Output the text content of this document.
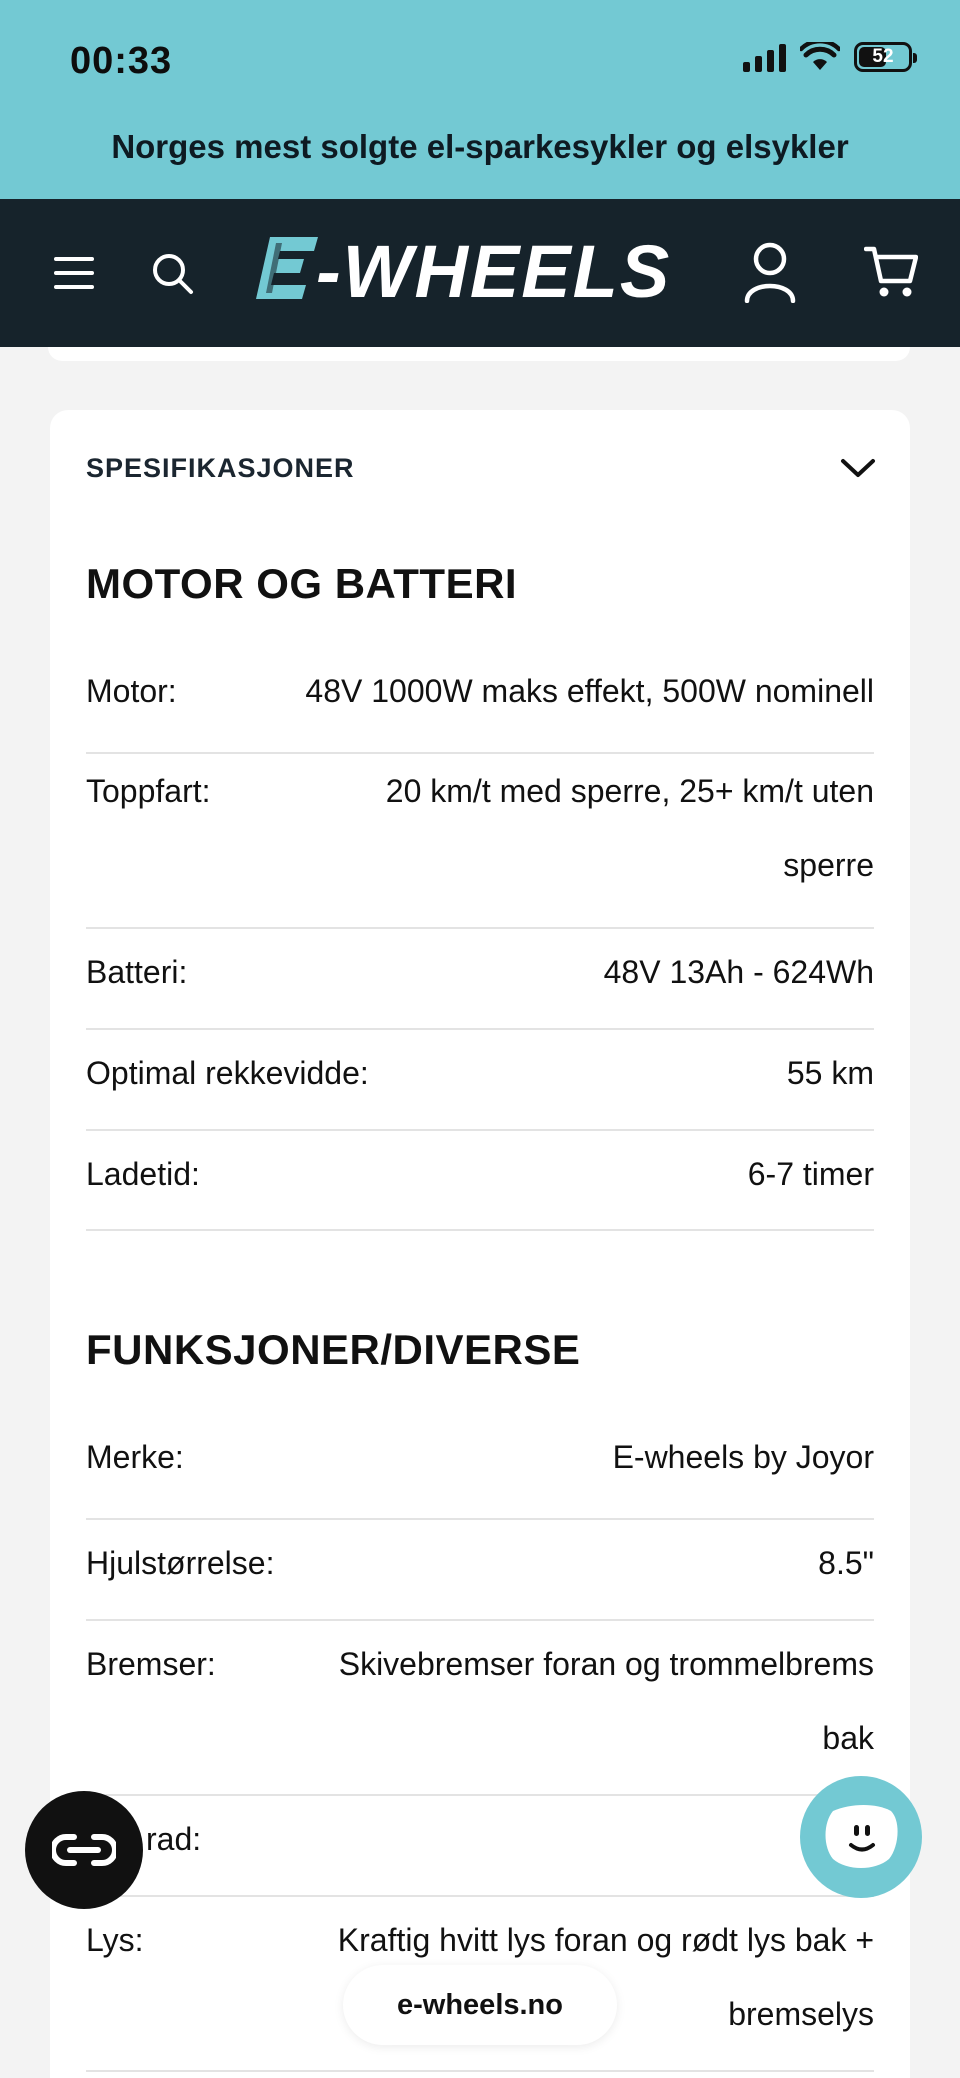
00:33	52
Norges mest solgte el-sparkesykler og elsykler
-WHEELS
SPESIFIKASJONER
MOTOR OG BATTERI
Motor:	48V 1000W maks effekt, 500W nominell
Toppfart:	20 km/t med sperre, 25+ km/t uten
sperre
Batteri:	48V 13Ah - 624Wh
Optimal rekkevidde:	55 km
Ladetid:	6-7 timer
FUNKSJONER/DIVERSE
Merke:	E-wheels by Joyor
Hjulstørrelse:	8.5"
Bremser:	Skivebremser foran og trommelbrems
bak
rad:
Lys:	Kraftig hvitt lys foran og rødt lys bak +
bremselys
e-wheels.no
